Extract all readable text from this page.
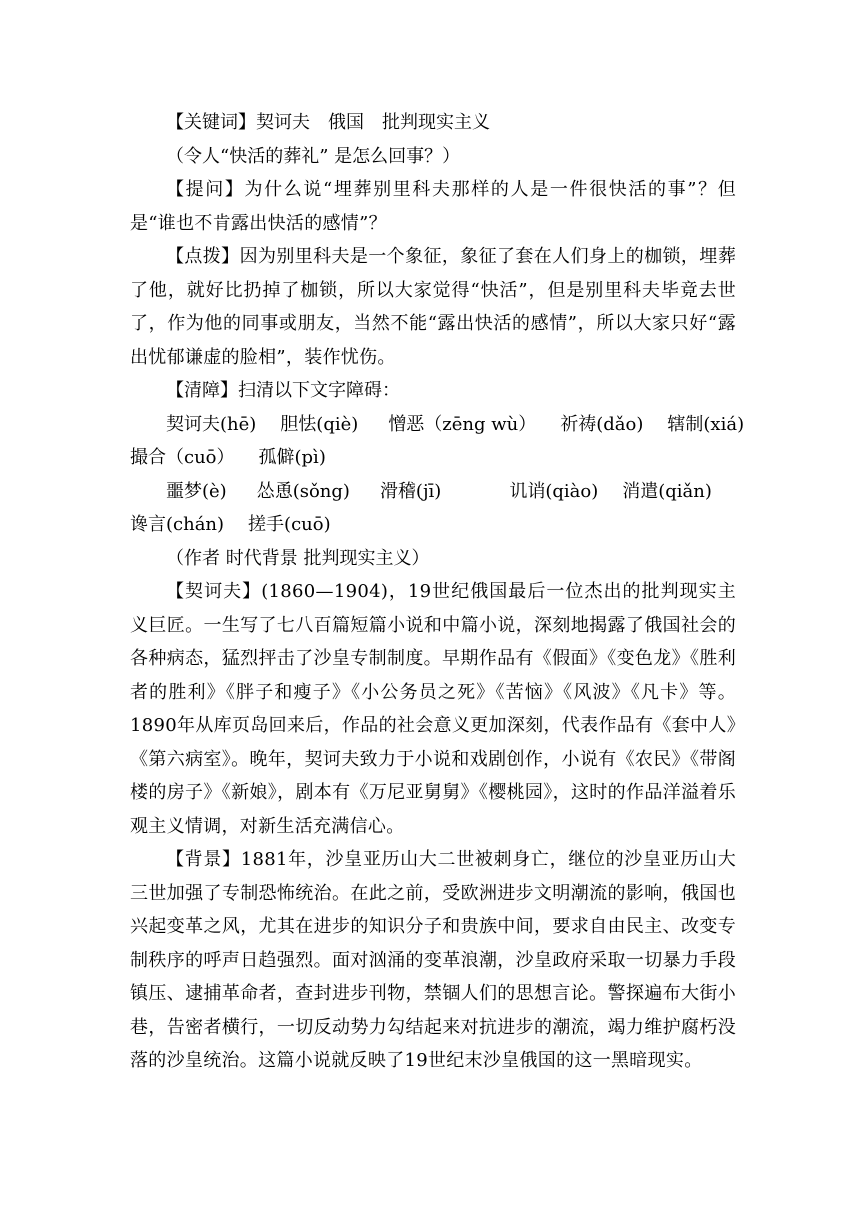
【关键词】契诃夫　俄国　批判现实主义

（令人“快活的葬礼” 是怎么回事？）

【提问】为什么说“埋葬别里科夫那样的人是一件很快活的事”？但是“谁也不肯露出快活的感情”？

【点拨】因为别里科夫是一个象征，象征了套在人们身上的枷锁，埋葬了他，就好比扔掉了枷锁，所以大家觉得“快活”，但是别里科夫毕竟去世了，作为他的同事或朋友，当然不能“露出快活的感情”，所以大家只好“露出忧郁谦虚的脸相”，装作忧伤。

【清障】扫清以下文字障碍：

契诃夫(hē) 胆怯(qiè) 憎恶（zēng wù） 祈祷(dǎo) 辖制(xiá)

撮合（cuō） 孤僻(pì)

噩梦(è) 怂恿(sǒng) 滑稽(jī)	讥诮(qiào) 消遣(qiǎn)

谗言(chán) 搓手(cuō)

（作者 时代背景 批判现实主义）

【契诃夫】(1860—1904)，19世纪俄国最后一位杰出的批判现实主义巨匠。一生写了七八百篇短篇小说和中篇小说，深刻地揭露了俄国社会的各种病态，猛烈抨击了沙皇专制制度。早期作品有《假面》《变色龙》《胜利者的胜利》《胖子和瘦子》《小公务员之死》《苦恼》《风波》《凡卡》等。1890年从库页岛回来后，作品的社会意义更加深刻，代表作品有《套中人》《第六病室》。晚年，契诃夫致力于小说和戏剧创作，小说有《农民》《带阁楼的房子》《新娘》，剧本有《万尼亚舅舅》《樱桃园》，这时的作品洋溢着乐观主义情调，对新生活充满信心。

【背景】1881年，沙皇亚历山大二世被刺身亡，继位的沙皇亚历山大三世加强了专制恐怖统治。在此之前，受欧洲进步文明潮流的影响，俄国也兴起变革之风，尤其在进步的知识分子和贵族中间，要求自由民主、改变专制秩序的呼声日趋强烈。面对汹涌的变革浪潮，沙皇政府采取一切暴力手段镇压、逮捕革命者，查封进步刊物，禁锢人们的思想言论。警探遍布大街小巷，告密者横行，一切反动势力勾结起来对抗进步的潮流，竭力维护腐朽没落的沙皇统治。这篇小说就反映了19世纪末沙皇俄国的这一黑暗现实。
